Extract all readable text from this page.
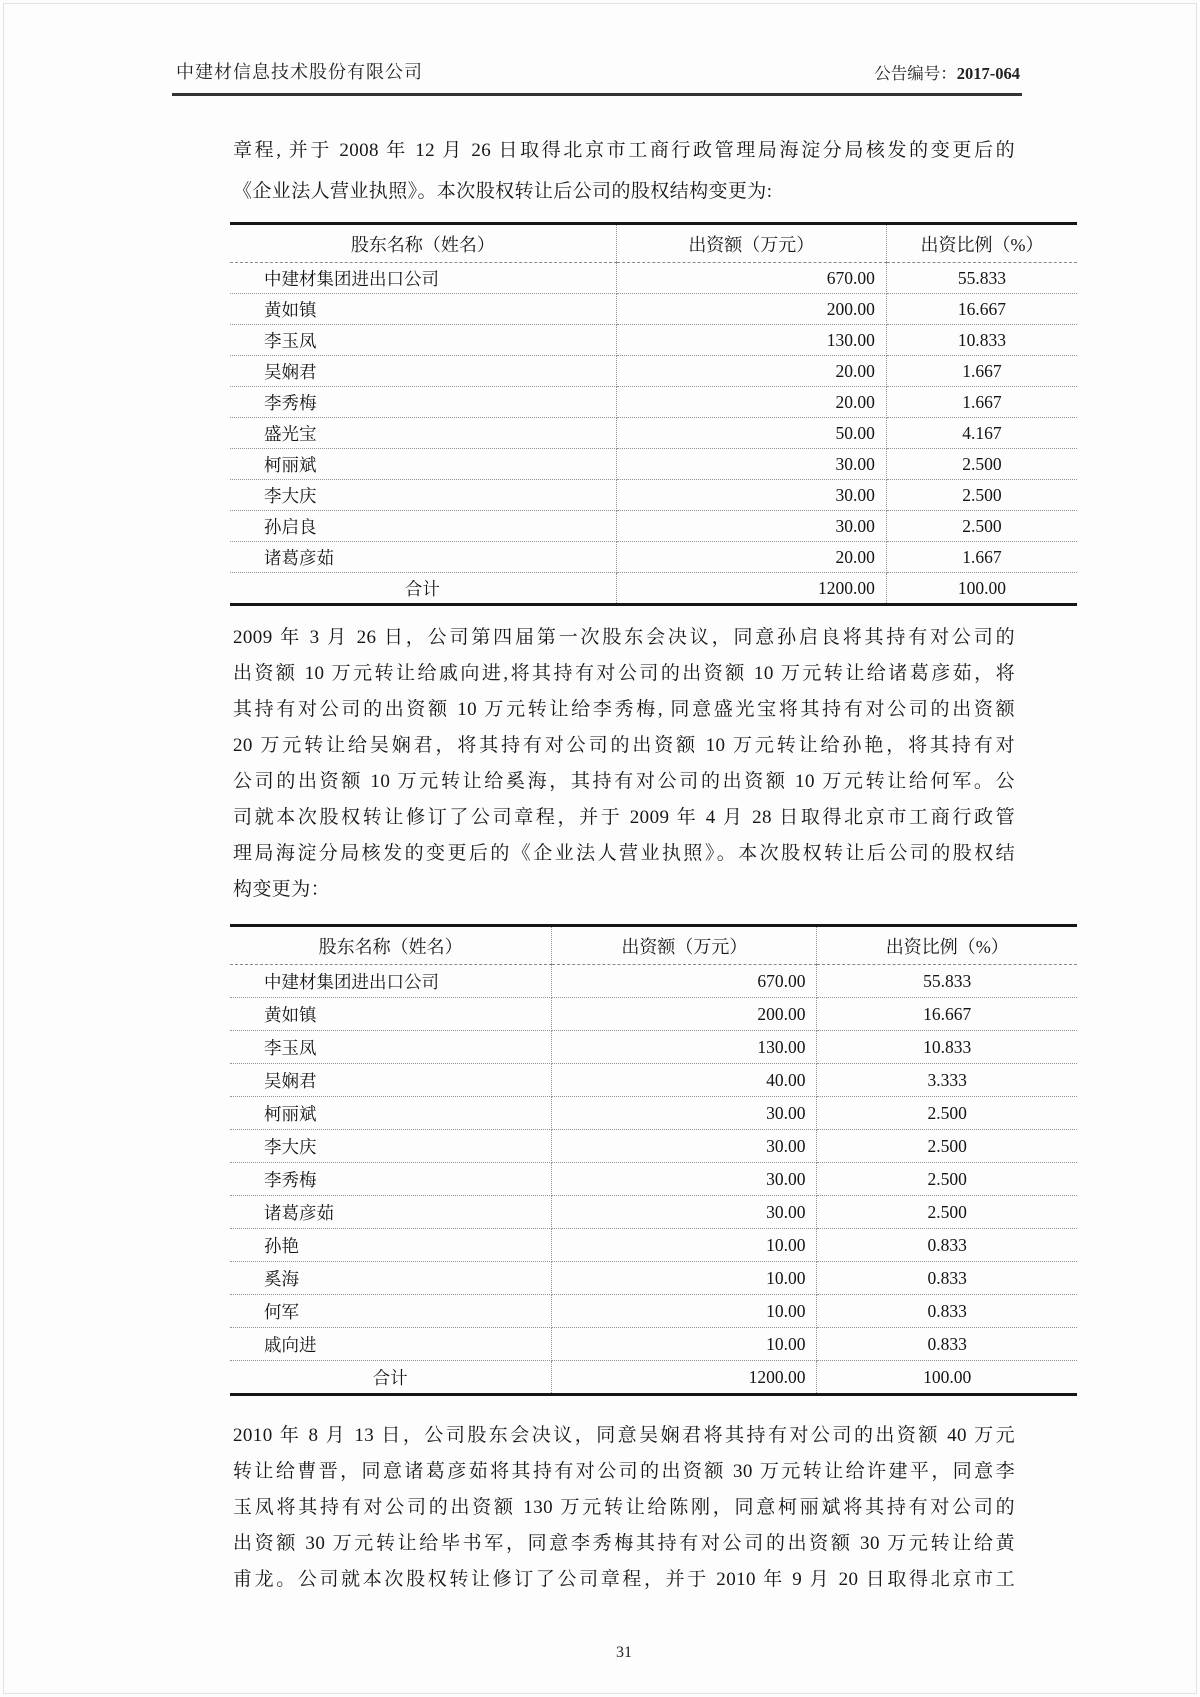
中建材信息技术股份有限公司	公告编号：2017-064
章程, 并于 2008 年 12 月 26 日取得北京市工商行政管理局海淀分局核发的变更后的
《企业法人营业执照》。本次股权转让后公司的股权结构变更为:
股东名称（姓名）	出资额（万元）	出资比例（%）
中建材集团进出口公司	670.00	55.833
黄如镇	200.00	16.667
李玉凤	130.00	10.833
吴娴君	20.00	1.667
李秀梅	20.00	1.667
盛光宝	50.00	4.167
柯丽斌	30.00	2.500
李大庆	30.00	2.500
孙启良	30.00	2.500
诸葛彦茹	20.00	1.667
合计	1200.00	100.00
2009 年 3 月 26 日，公司第四届第一次股东会决议，同意孙启良将其持有对公司的
出资额 10 万元转让给戚向进,将其持有对公司的出资额 10 万元转让给诸葛彦茹，将
其持有对公司的出资额 10 万元转让给李秀梅, 同意盛光宝将其持有对公司的出资额
20 万元转让给吴娴君，将其持有对公司的出资额 10 万元转让给孙艳，将其持有对
公司的出资额 10 万元转让给奚海，其持有对公司的出资额 10 万元转让给何军。公
司就本次股权转让修订了公司章程，并于 2009 年 4 月 28 日取得北京市工商行政管
理局海淀分局核发的变更后的《企业法人营业执照》。本次股权转让后公司的股权结
构变更为：
股东名称（姓名）	出资额（万元）	出资比例（%）
中建材集团进出口公司	670.00	55.833
黄如镇	200.00	16.667
李玉凤	130.00	10.833
吴娴君	40.00	3.333
柯丽斌	30.00	2.500
李大庆	30.00	2.500
李秀梅	30.00	2.500
诸葛彦茹	30.00	2.500
孙艳	10.00	0.833
奚海	10.00	0.833
何军	10.00	0.833
戚向进	10.00	0.833
合计	1200.00	100.00
2010 年 8 月 13 日，公司股东会决议，同意吴娴君将其持有对公司的出资额 40 万元
转让给曹晋，同意诸葛彦茹将其持有对公司的出资额 30 万元转让给许建平，同意李
玉凤将其持有对公司的出资额 130 万元转让给陈刚，同意柯丽斌将其持有对公司的
出资额 30 万元转让给毕书军，同意李秀梅其持有对公司的出资额 30 万元转让给黄
甫龙。公司就本次股权转让修订了公司章程，并于 2010 年 9 月 20 日取得北京市工
31
